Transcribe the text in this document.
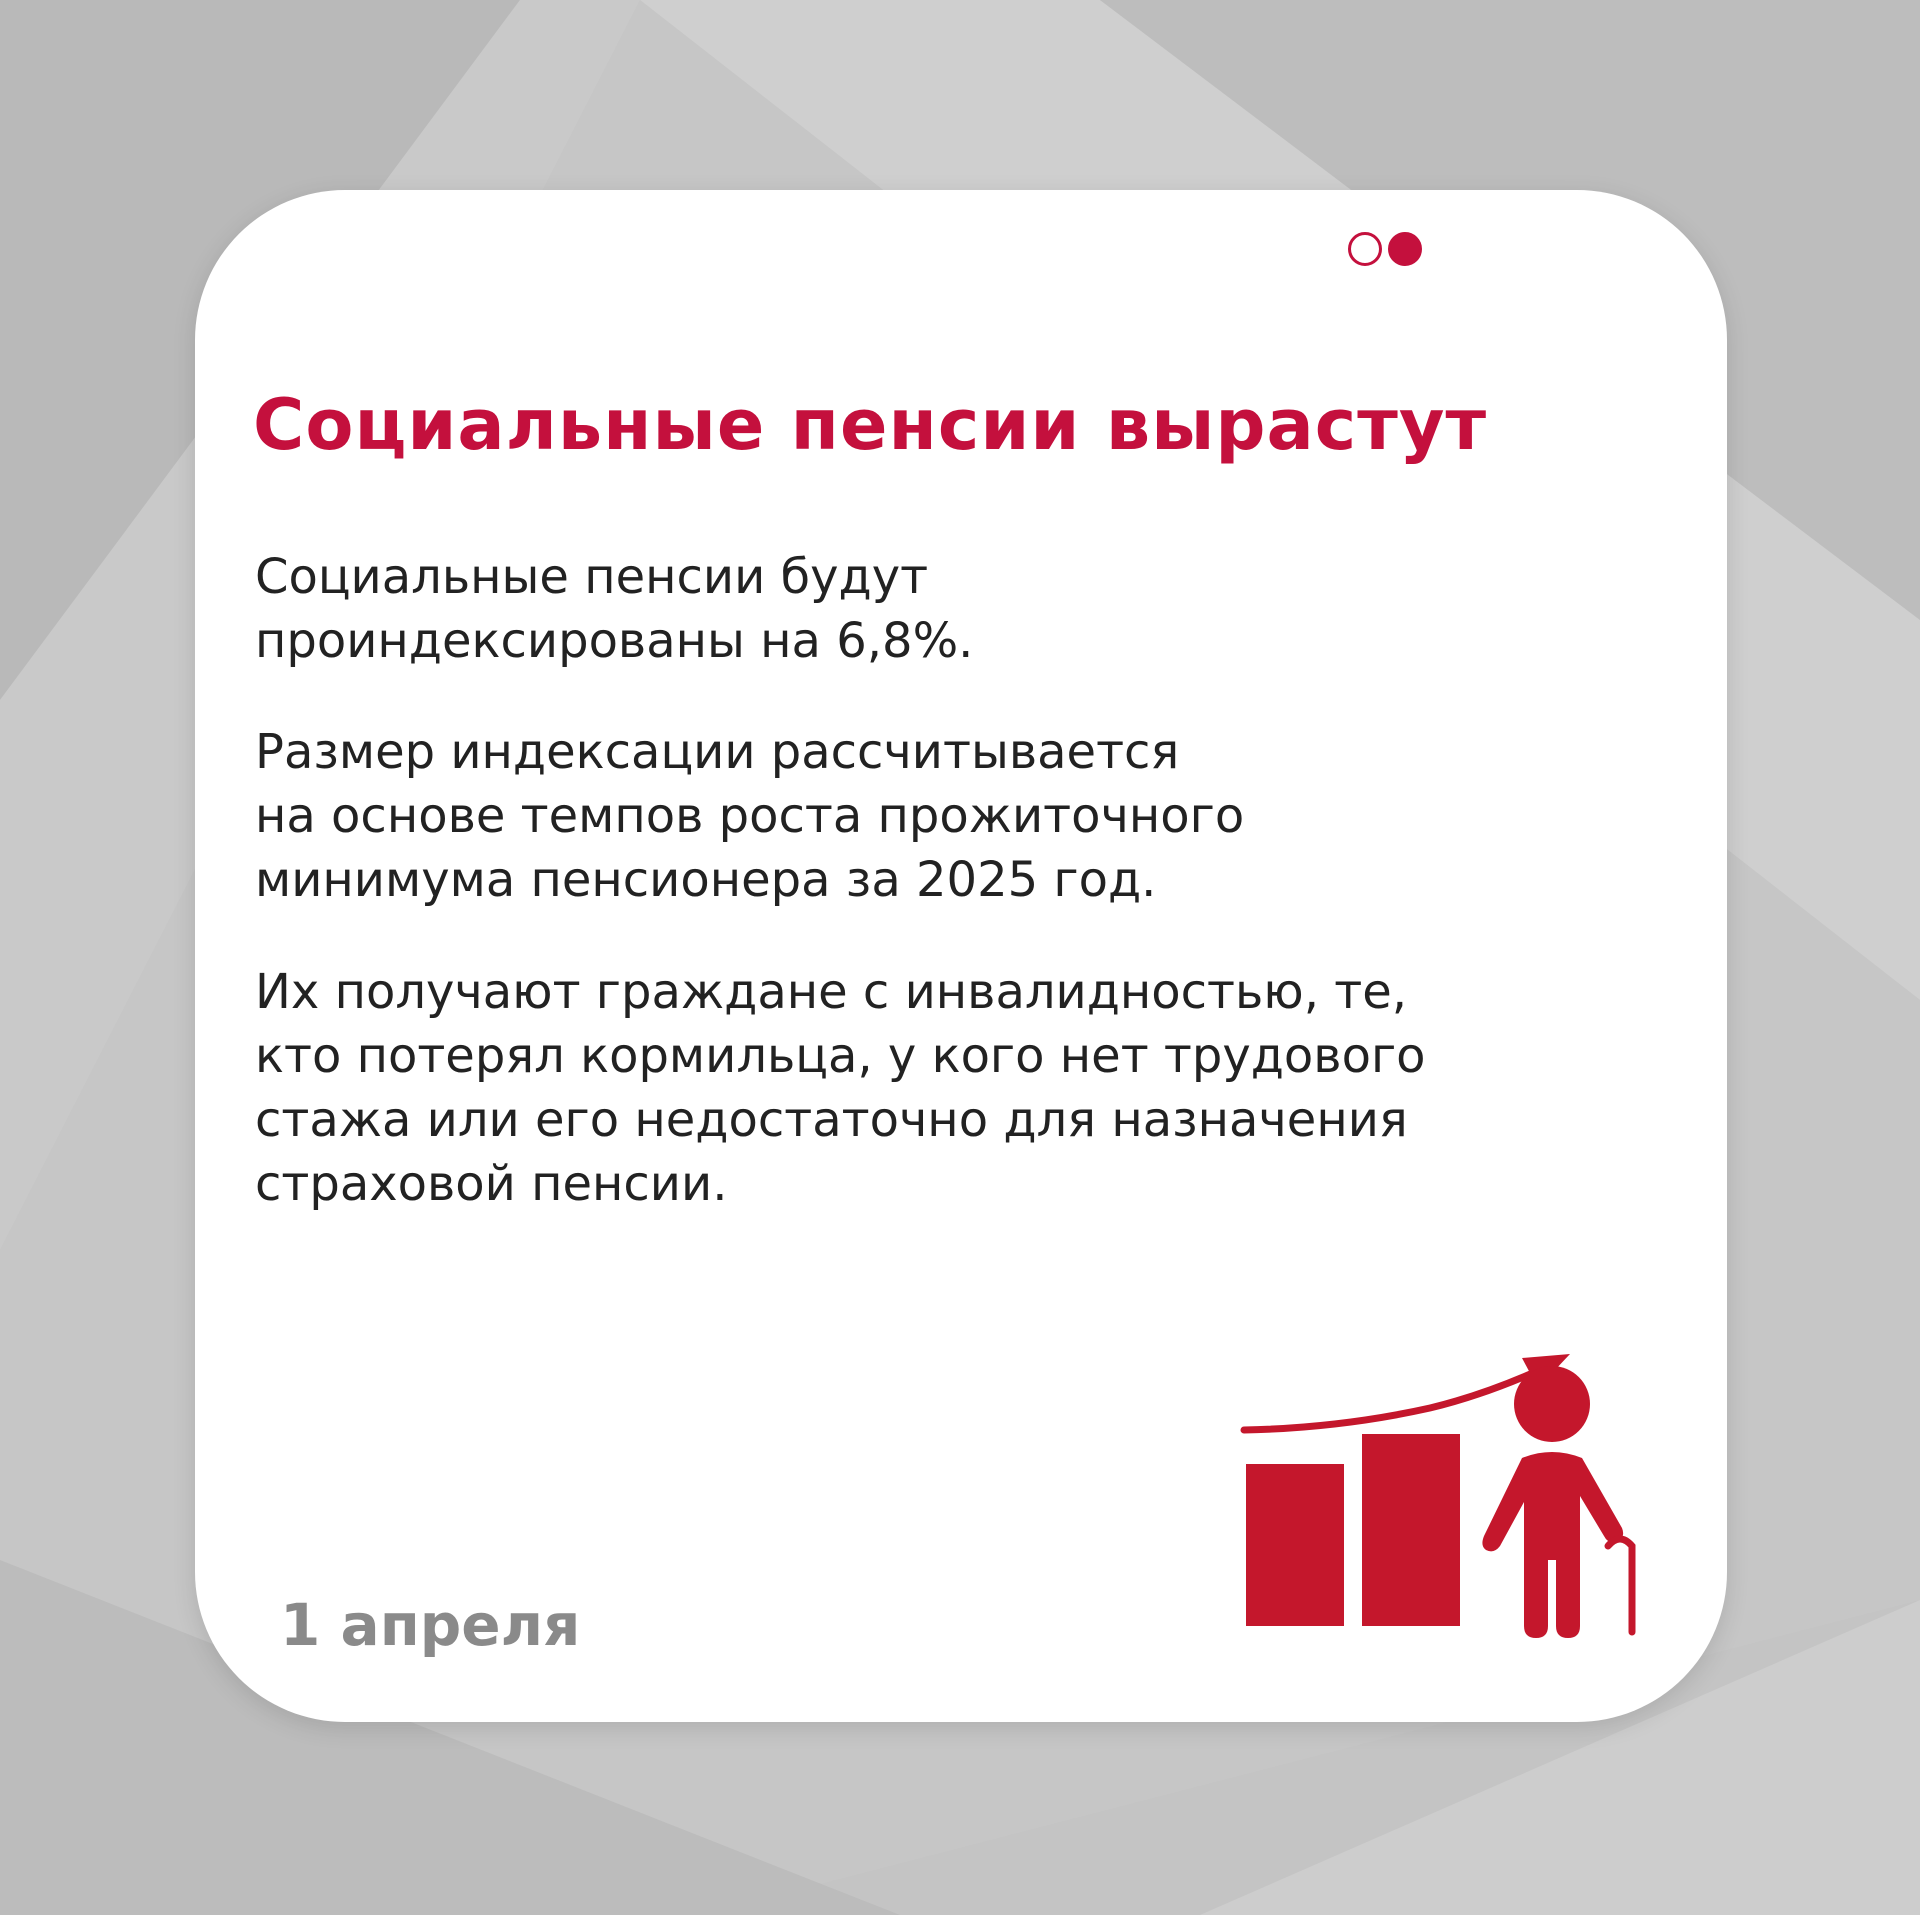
Социальные пенсии вырастут

Социальные пенсии будут
проиндексированы на 6,8%.

Размер индексации рассчитывается
на основе темпов роста прожиточного
минимума пенсионера за 2025 год.

Их получают граждане с инвалидностью, те,
кто потерял кормильца, у кого нет трудового
стажа или его недостаточно для назначения
страховой пенсии.

1 апреля
